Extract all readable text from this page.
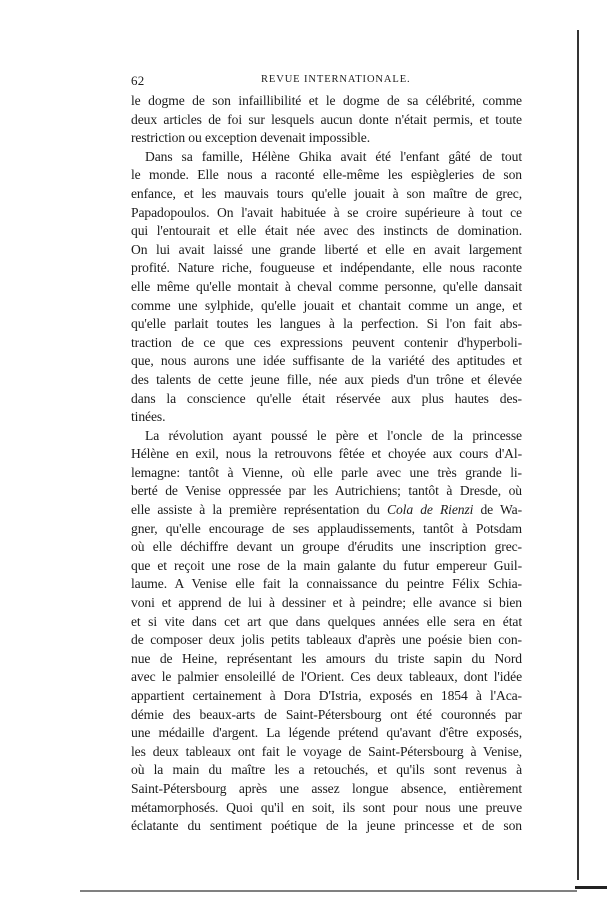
62	REVUE INTERNATIONALE.
le dogme de son infaillibilité et le dogme de sa célébrité, comme
deux articles de foi sur lesquels aucun donte n'était permis, et toute
restriction ou exception devenait impossible.
Dans sa famille, Hélène Ghika avait été l'enfant gâté de tout
le monde. Elle nous a raconté elle-même les espiègleries de son
enfance, et les mauvais tours qu'elle jouait à son maître de grec,
Papadopoulos. On l'avait habituée à se croire supérieure à tout ce
qui l'entourait et elle était née avec des instincts de domination.
On lui avait laissé une grande liberté et elle en avait largement
profité. Nature riche, fougueuse et indépendante, elle nous raconte
elle même qu'elle montait à cheval comme personne, qu'elle dansait
comme une sylphide, qu'elle jouait et chantait comme un ange, et
qu'elle parlait toutes les langues à la perfection. Si l'on fait abs-
traction de ce que ces expressions peuvent contenir d'hyperboli-
que, nous aurons une idée suffisante de la variété des aptitudes et
des talents de cette jeune fille, née aux pieds d'un trône et élevée
dans la conscience qu'elle était réservée aux plus hautes des-
tinées.
La révolution ayant poussé le père et l'oncle de la princesse
Hélène en exil, nous la retrouvons fêtée et choyée aux cours d'Al-
lemagne: tantôt à Vienne, où elle parle avec une très grande li-
berté de Venise oppressée par les Autrichiens; tantôt à Dresde, où
elle assiste à la première représentation du Cola de Rienzi de Wa-
gner, qu'elle encourage de ses applaudissements, tantôt à Potsdam
où elle déchiffre devant un groupe d'érudits une inscription grec-
que et reçoit une rose de la main galante du futur empereur Guil-
laume. A Venise elle fait la connaissance du peintre Félix Schia-
voni et apprend de lui à dessiner et à peindre; elle avance si bien
et si vite dans cet art que dans quelques années elle sera en état
de composer deux jolis petits tableaux d'après une poésie bien con-
nue de Heine, représentant les amours du triste sapin du Nord
avec le palmier ensoleillé de l'Orient. Ces deux tableaux, dont l'idée
appartient certainement à Dora D'Istria, exposés en 1854 à l'Aca-
démie des beaux-arts de Saint-Pétersbourg ont été couronnés par
une médaille d'argent. La légende prétend qu'avant d'être exposés,
les deux tableaux ont fait le voyage de Saint-Pétersbourg à Venise,
où la main du maître les a retouchés, et qu'ils sont revenus à
Saint-Pétersbourg après une assez longue absence, entièrement
métamorphosés. Quoi qu'il en soit, ils sont pour nous une preuve
éclatante du sentiment poétique de la jeune princesse et de son
